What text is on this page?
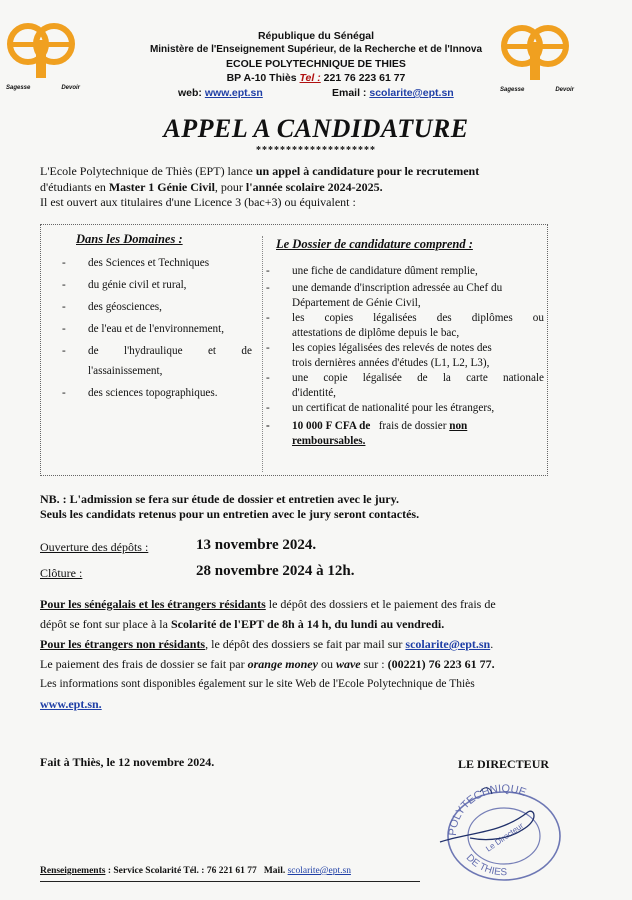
Sagesse	Devoir	Sagesse	Devoir
République du Sénégal
Ministère de l'Enseignement Supérieur, de la Recherche et de l'Innova
ECOLE POLYTECHNIQUE DE THIES
BP A-10 Thiès Tel : 221 76 223 61 77
web: www.ept.sn	Email : scolarite@ept.sn
APPEL A CANDIDATURE
********************
L'Ecole Polytechnique de Thiès (EPT) lance un appel à candidature pour le recrutement
d'étudiants en Master 1 Génie Civil, pour l'année scolaire 2024-2025.
Il est ouvert aux titulaires d'une Licence 3 (bac+3) ou équivalent :
Dans les Domaines :
- des Sciences et Techniques
- du génie civil et rural,
- des géosciences,
- de l'eau et de l'environnement,
- de l'hydraulique et de
l'assainissement,
- des sciences topographiques.
Le Dossier de candidature comprend :
- une fiche de candidature dûment remplie,
- une demande d'inscription adressée au Chef du
Département de Génie Civil,
- les copies légalisées des diplômes ou
attestations de diplôme depuis le bac,
- les copies légalisées des relevés de notes des
trois dernières années d'études (L1, L2, L3),
- une copie légalisée de la carte nationale
d'identité,
- un certificat de nationalité pour les étrangers,
- 10 000 F CFA de frais de dossier non
remboursables.
NB. : L'admission se fera sur étude de dossier et entretien avec le jury.
Seuls les candidats retenus pour un entretien avec le jury seront contactés.
Ouverture des dépôts :	13 novembre 2024.
Clôture :	28 novembre 2024 à 12h.
Pour les sénégalais et les étrangers résidants le dépôt des dossiers et le paiement des frais de
dépôt se font sur place à la Scolarité de l'EPT de 8h à 14 h, du lundi au vendredi.
Pour les étrangers non résidants, le dépôt des dossiers se fait par mail sur scolarite@ept.sn.
Le paiement des frais de dossier se fait par orange money ou wave sur : (00221) 76 223 61 77.
Les informations sont disponibles également sur le site Web de l'Ecole Polytechnique de Thiès
www.ept.sn.
Fait à Thiès, le 12 novembre 2024.	LE DIRECTEUR
POLYTECHNIQUE
DE THIES
Le Directeur
Renseignements : Service Scolarité Tél. : 76 221 61 77 Mail. scolarite@ept.sn
